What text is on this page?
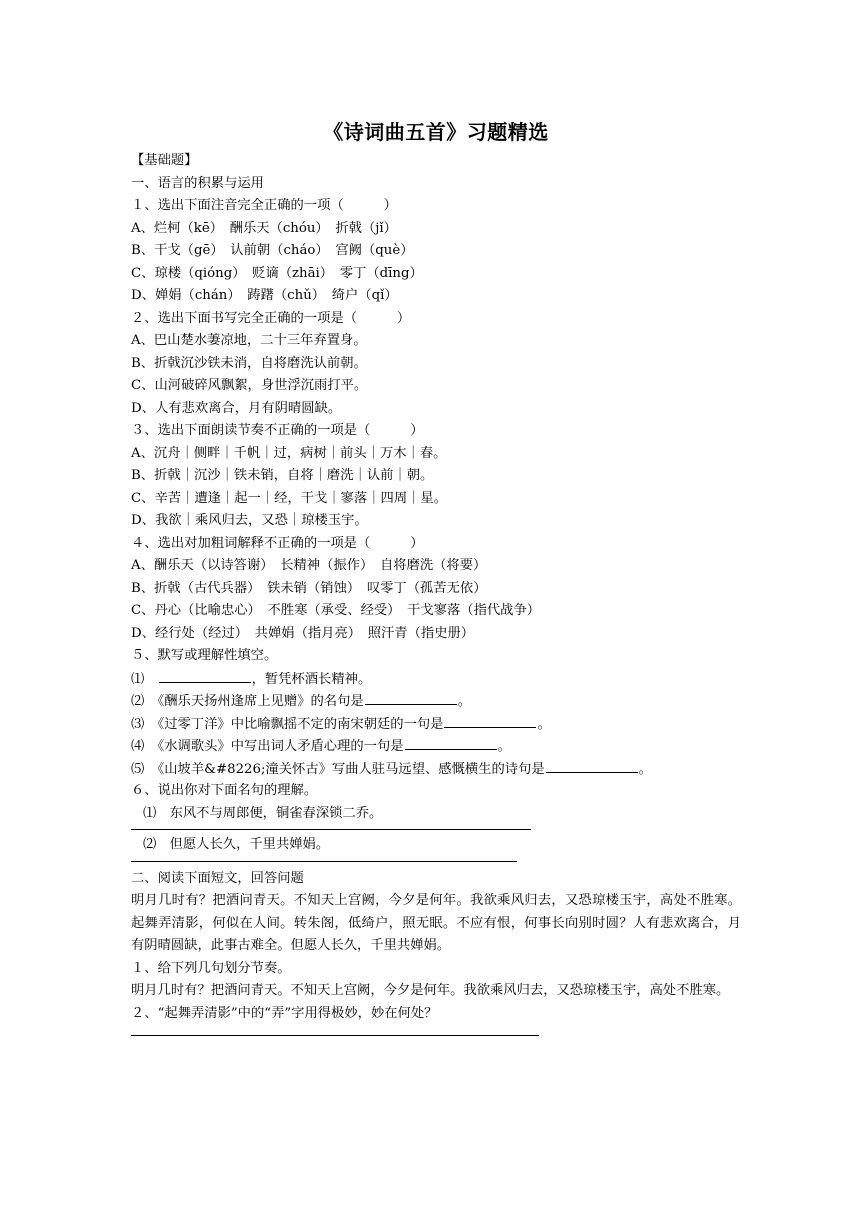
《诗词曲五首》习题精选
【基础题】
一、语言的积累与运用
１、选出下面注音完全正确的一项（　　　）
A、烂柯（kē）　酬乐天（chóu）　折戟（jǐ）
B、干戈（gē）　认前朝（cháo）　宫阙（què）
C、琼楼（qióng）　贬谪（zhāi）　零丁（dīng）
D、婵娟（chán）　踌躇（chǔ）　绮户（qǐ）
２、选出下面书写完全正确的一项是（　　　）
A、巴山楚水萋凉地，二十三年弃置身。
B、折戟沉沙铁未消，自将磨洗认前朝。
C、山河破碎风飘絮，身世浮沉雨打平。
D、人有悲欢离合，月有阴晴圆缺。
３、选出下面朗读节奏不正确的一项是（　　　）
A、沉舟｜侧畔｜千帆｜过，病树｜前头｜万木｜春。
B、折戟｜沉沙｜铁未销，自将｜磨洗｜认前｜朝。
C、辛苦｜遭逢｜起一｜经，干戈｜寥落｜四周｜星。
D、我欲｜乘风归去，又恐｜琼楼玉宇。
４、选出对加粗词解释不正确的一项是（　　　）
A、酬乐天（以诗答谢）　长精神（振作）　自将磨洗（将要）
B、折戟（古代兵器）　铁未销（销蚀）　叹零丁（孤苦无依）
C、丹心（比喻忠心）　不胜寒（承受、经受）　干戈寥落（指代战争）
D、经行处（经过）　共婵娟（指月亮）　照汗青（指史册）
５、默写或理解性填空。
⑴　	，暂凭杯酒长精神。
⑵　 《酬乐天扬州逢席上见赠》的名句是	。
⑶　 《过零丁洋》中比喻飘摇不定的南宋朝廷的一句是	。
⑷　 《水调歌头》中写出词人矛盾心理的一句是	。
⑸　 《山坡羊&#8226;潼关怀古》写曲人驻马远望、感慨横生的诗句是	。
６、说出你对下面名句的理解。
⑴　 东风不与周郎便，铜雀春深锁二乔。
⑵　 但愿人长久，千里共婵娟。
二、阅读下面短文，回答问题
明月几时有？把酒问青天。不知天上宫阙，今夕是何年。我欲乘风归去，又恐琼楼玉宇，高处不胜寒。起舞弄清影，何似在人间。转朱阁，低绮户，照无眠。不应有恨，何事长向别时圆？人有悲欢离合，月有阴晴圆缺，此事古难全。但愿人长久，千里共婵娟。
１、给下列几句划分节奏。
明月几时有？把酒问青天。不知天上宫阙，今夕是何年。我欲乘风归去，又恐琼楼玉宇，高处不胜寒。
２、“起舞弄清影”中的“弄”字用得极妙，妙在何处？
